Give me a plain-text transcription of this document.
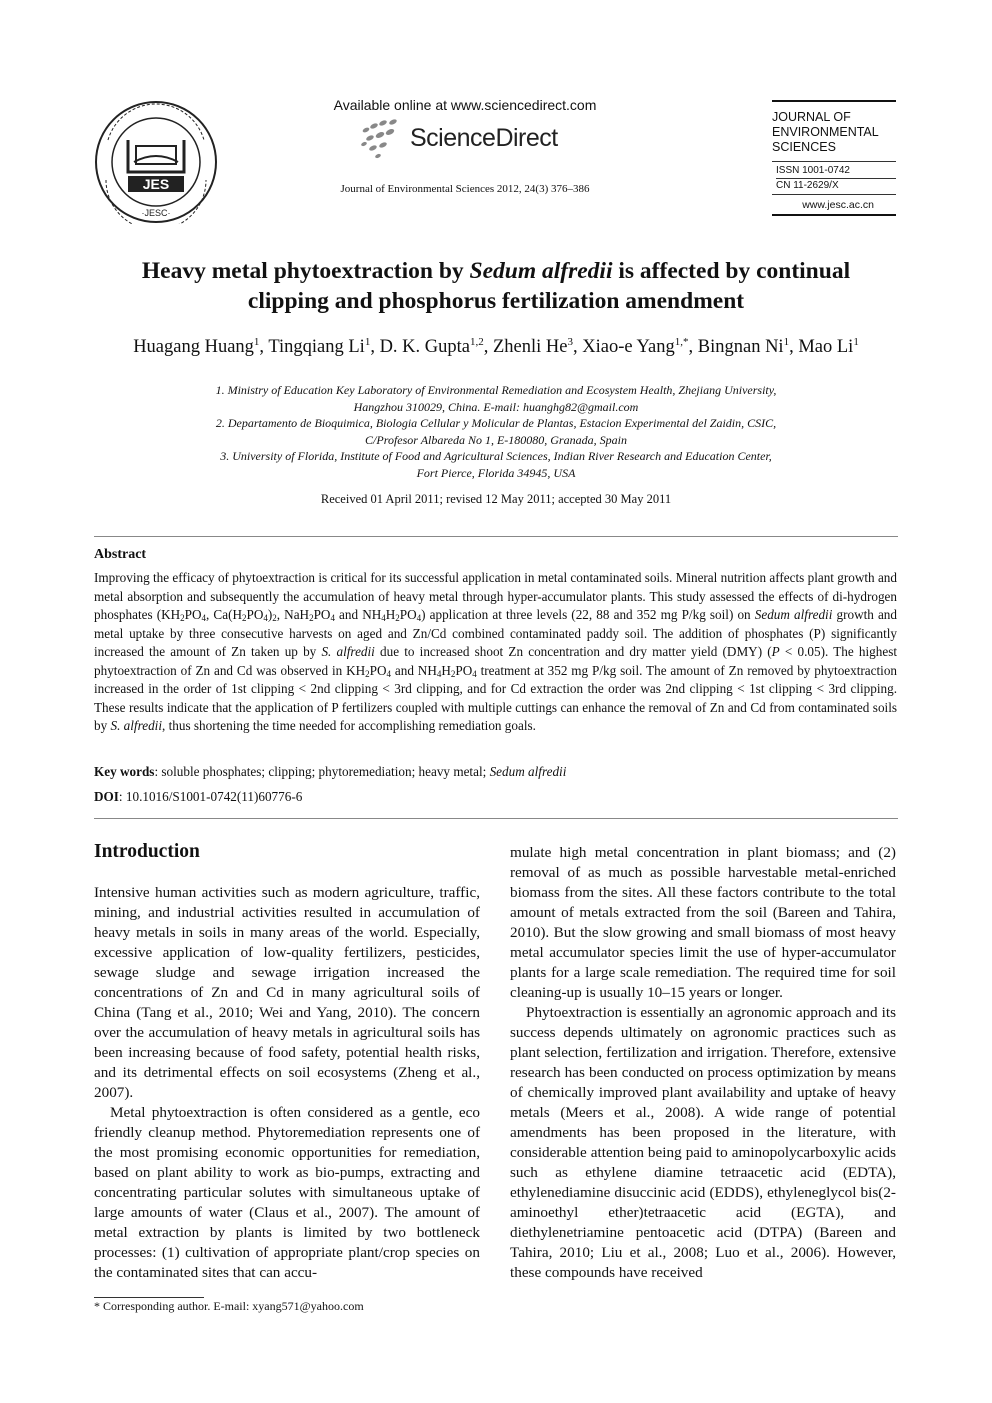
JES
·JESC·
Available online at www.sciencedirect.com
ScienceDirect
Journal of Environmental Sciences 2012, 24(3) 376–386
JOURNAL OF
ENVIRONMENTAL
SCIENCES
ISSN 1001-0742
CN 11-2629/X
www.jesc.ac.cn
Heavy metal phytoextraction by Sedum alfredii is affected by continual
clipping and phosphorus fertilization amendment
Huagang Huang$^1$, Tingqiang Li$^1$, D. K. Gupta$^{1,2}$, Zhenli He$^3$, Xiao-e Yang$^{1,*}$, Bingnan Ni$^1$, Mao Li$^1$
1. Ministry of Education Key Laboratory of Environmental Remediation and Ecosystem Health, Zhejiang University,
Hangzhou 310029, China. E-mail: huanghg82@gmail.com
2. Departamento de Bioquimica, Biologia Cellular y Molicular de Plantas, Estacion Experimental del Zaidin, CSIC,
C/Profesor Albareda No 1, E-180080, Granada, Spain
3. University of Florida, Institute of Food and Agricultural Sciences, Indian River Research and Education Center,
Fort Pierce, Florida 34945, USA
Received 01 April 2011; revised 12 May 2011; accepted 30 May 2011
Abstract
Improving the efficacy of phytoextraction is critical for its successful application in metal contaminated soils. Mineral nutrition affects plant growth and metal absorption and subsequently the accumulation of heavy metal through hyper-accumulator plants. This study assessed the effects of di-hydrogen phosphates ($KH_2PO_4$, $Ca(H_2PO_4)_2$, $NaH_2PO_4$ and $NH_4H_2PO_4$) application at three levels (22, 88 and 352 mg P/kg soil) on Sedum alfredii growth and metal uptake by three consecutive harvests on aged and Zn/Cd combined contaminated paddy soil. The addition of phosphates (P) significantly increased the amount of Zn taken up by S. alfredii due to increased shoot Zn concentration and dry matter yield (DMY) (P < 0.05). The highest phytoextraction of Zn and Cd was observed in $KH_2PO_4$ and $NH_4H_2PO_4$ treatment at 352 mg P/kg soil. The amount of Zn removed by phytoextraction increased in the order of 1st clipping < 2nd clipping < 3rd clipping, and for Cd extraction the order was 2nd clipping < 1st clipping < 3rd clipping. These results indicate that the application of P fertilizers coupled with multiple cuttings can enhance the removal of Zn and Cd from contaminated soils by S. alfredii, thus shortening the time needed for accomplishing remediation goals.
Key words: soluble phosphates; clipping; phytoremediation; heavy metal; Sedum alfredii
DOI: 10.1016/S1001-0742(11)60776-6
Introduction

Intensive human activities such as modern agriculture, traffic, mining, and industrial activities resulted in accumulation of heavy metals in soils in many areas of the world. Especially, excessive application of low-quality fertilizers, pesticides, sewage sludge and sewage irrigation increased the concentrations of Zn and Cd in many agricultural soils of China (Tang et al., 2010; Wei and Yang, 2010). The concern over the accumulation of heavy metals in agricultural soils has been increasing because of food safety, potential health risks, and its detrimental effects on soil ecosystems (Zheng et al., 2007).

Metal phytoextraction is often considered as a gentle, eco friendly cleanup method. Phytoremediation represents one of the most promising economic opportunities for remediation, based on plant ability to work as bio-pumps, extracting and concentrating particular solutes with simultaneous uptake of large amounts of water (Claus et al., 2007). The amount of metal extraction by plants is limited by two bottleneck processes: (1) cultivation of appropriate plant/crop species on the contaminated sites that can accu-

mulate high metal concentration in plant biomass; and (2) removal of as much as possible harvestable metal-enriched biomass from the sites. All these factors contribute to the total amount of metals extracted from the soil (Bareen and Tahira, 2010). But the slow growing and small biomass of most heavy metal accumulator species limit the use of hyper-accumulator plants for a large scale remediation. The required time for soil cleaning-up is usually 10–15 years or longer.

Phytoextraction is essentially an agronomic approach and its success depends ultimately on agronomic practices such as plant selection, fertilization and irrigation. Therefore, extensive research has been conducted on process optimization by means of chemically improved plant availability and uptake of heavy metals (Meers et al., 2008). A wide range of potential amendments has been proposed in the literature, with considerable attention being paid to aminopolycarboxylic acids such as ethylene diamine tetraacetic acid (EDTA), ethylenediamine disuccinic acid (EDDS), ethyleneglycol bis(2-aminoethyl ether)tetraacetic acid (EGTA), and diethylenetriamine pentoacetic acid (DTPA) (Bareen and Tahira, 2010; Liu et al., 2008; Luo et al., 2006). However, these compounds have received

* Corresponding author. E-mail: xyang571@yahoo.com
